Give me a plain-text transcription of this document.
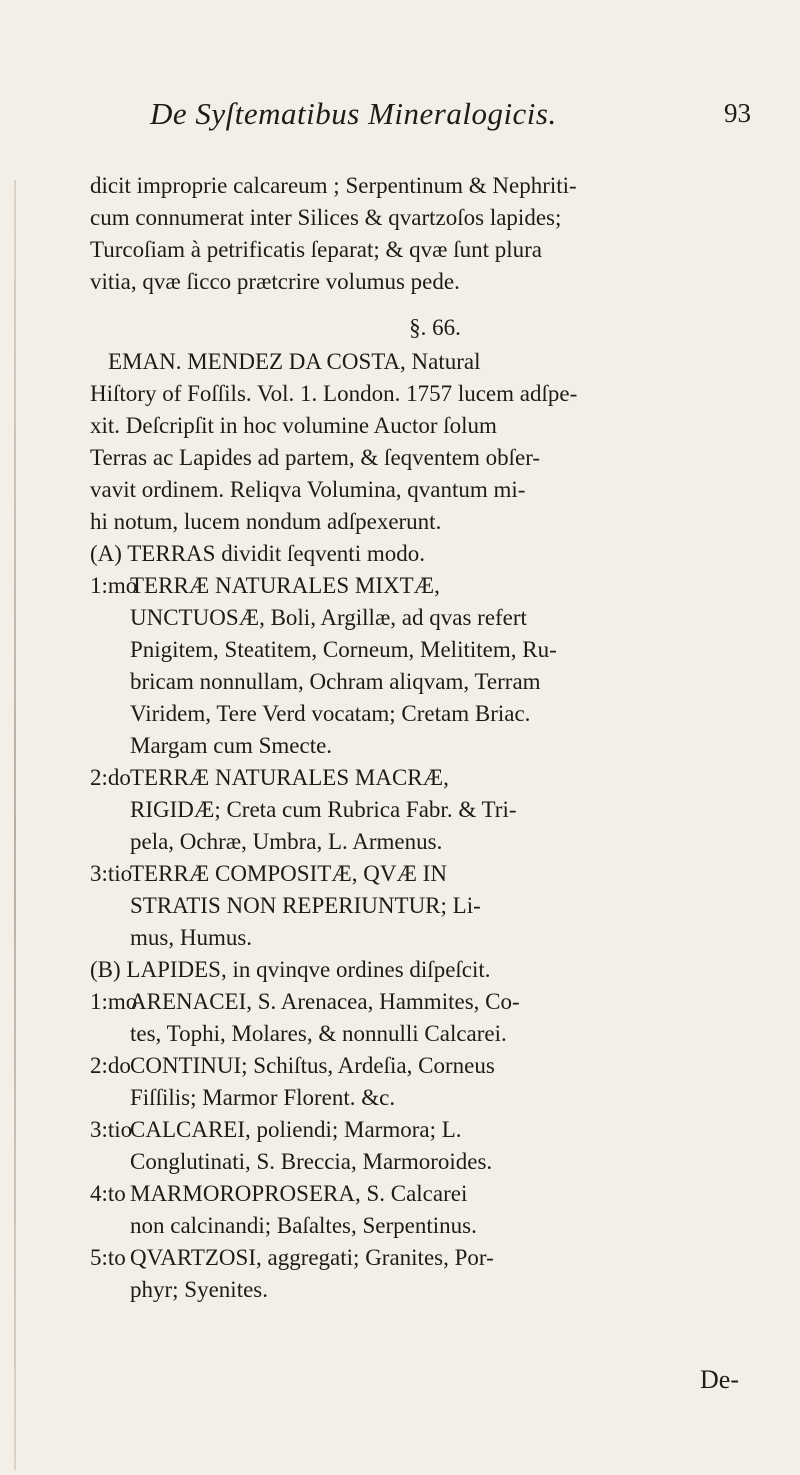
De Syſtematibus Mineralogicis.	93
dicit improprie calcareum ; Serpentinum & Nephriti-
cum connumerat inter Silices & qvartzoſos lapides;
Turcoſiam à petrificatis ſeparat; & qvæ ſunt plura
vitia, qvæ ſicco prætcrire volumus pede.
§. 66.
EMAN. MENDEZ DA COSTA, Natural
Hiſtory of Foſſils. Vol. 1. London. 1757 lucem adſpe-
xit. Deſcripſit in hoc volumine Auctor ſolum
Terras ac Lapides ad partem, & ſeqventem obſer-
vavit ordinem. Reliqva Volumina, qvantum mi-
hi notum, lucem nondum adſpexerunt.
(A) TERRAS dividit ſeqventi modo.
1:mo
TERRÆ NATURALES MIXTÆ,
UNCTUOSÆ, Boli, Argillæ, ad qvas refert
Pnigitem, Steatitem, Corneum, Melititem, Ru-
bricam nonnullam, Ochram aliqvam, Terram
Viridem, Tere Verd vocatam; Cretam Briac.
Margam cum Smecte.
2:do TERRÆ NATURALES MACRÆ,
RIGIDÆ; Creta cum Rubrica Fabr. & Tri-
pela, Ochræ, Umbra, L. Armenus.
3:tio
TERRÆ COMPOSITÆ, QVÆ IN
STRATIS NON REPERIUNTUR; Li-
mus, Humus.
(B) LAPIDES, in qvinqve ordines diſpeſcit.
1:mo
ARENACEI, S. Arenacea, Hammites, Co-
tes, Tophi, Molares, & nonnulli Calcarei.
2:do CONTINUI; Schiſtus, Ardeſia, Corneus
Fiſſilis; Marmor Florent. &c.
3:tio
CALCAREI, poliendi; Marmora; L.
Conglutinati, S. Breccia, Marmoroides.
4:to MARMOROPROSERA, S. Calcarei
non calcinandi; Baſaltes, Serpentinus.
5:to QVARTZOSI, aggregati; Granites, Por-
phyr; Syenites.
De-
